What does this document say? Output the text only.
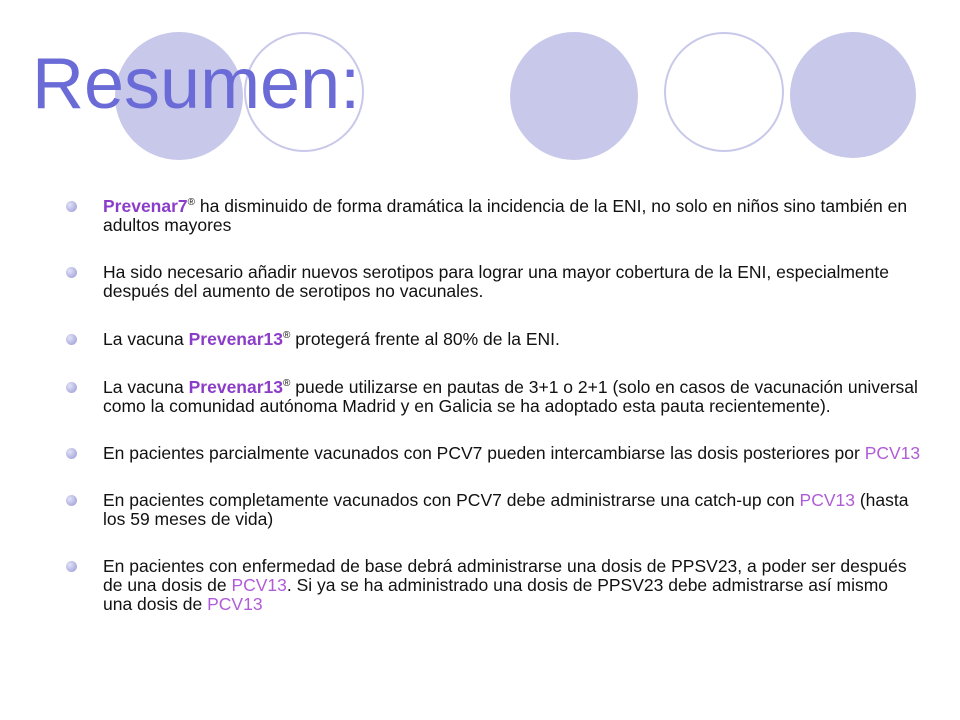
Resumen:
Prevenar7® ha disminuido de forma dramática la incidencia de la ENI, no solo en niños sino también en adultos mayores
Ha sido necesario añadir nuevos serotipos para lograr una mayor cobertura de la ENI, especialmente después del aumento de serotipos no vacunales.
La vacuna Prevenar13® protegerá frente al 80% de la ENI.
La vacuna Prevenar13® puede utilizarse en pautas de 3+1 o 2+1 (solo en casos de vacunación universal como la comunidad autónoma Madrid y en Galicia se ha adoptado esta pauta recientemente).
En pacientes parcialmente vacunados con PCV7 pueden intercambiarse las dosis posteriores por PCV13
En pacientes completamente vacunados con PCV7 debe administrarse una catch-up con PCV13 (hasta los 59 meses de vida)
En pacientes con enfermedad de base debrá administrarse una dosis de PPSV23, a poder ser después de una dosis de PCV13. Si ya se ha administrado una dosis de PPSV23 debe admistrarse así mismo una dosis de PCV13
